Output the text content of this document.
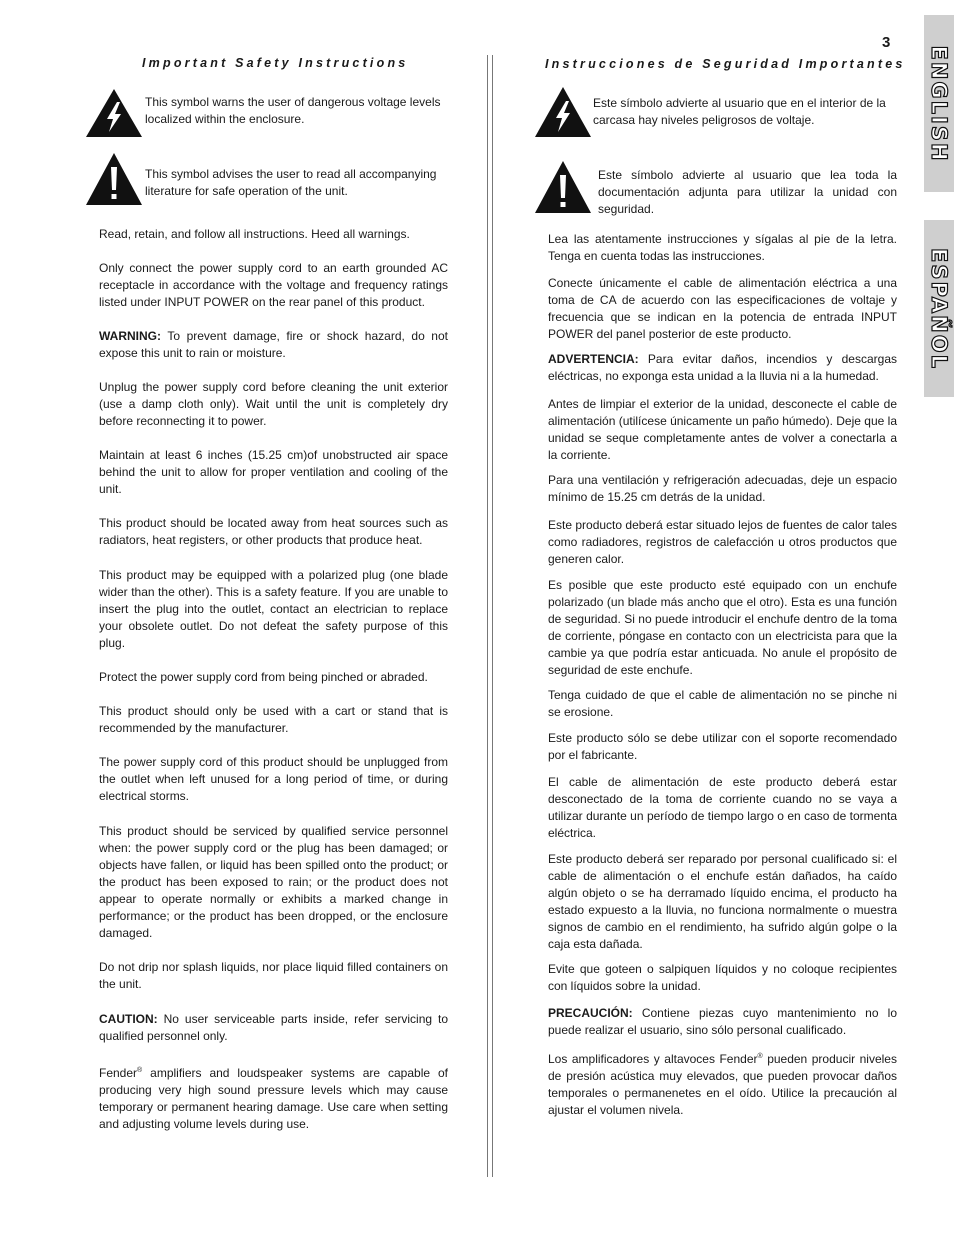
3
ENGLISH
ESPAÑOL
Important Safety Instructions
This symbol warns the user of dangerous voltage levels localized within the enclosure.
This symbol advises the user to read all accompanying literature for safe operation of the unit.
Read, retain, and follow all instructions. Heed all warnings.
Only connect the power supply cord to an earth grounded AC receptacle in accordance with the voltage and frequency ratings listed under INPUT POWER on the rear panel of this product.
WARNING: To prevent damage, fire or shock hazard, do not expose this unit to rain or moisture.
Unplug the power supply cord before cleaning the unit exterior (use a damp cloth only). Wait until the unit is completely dry before reconnecting it to power.
Maintain at least 6 inches (15.25 cm)of unobstructed air space behind the unit to allow for proper ventilation and cooling of the unit.
This product should be located away from heat sources such as radiators, heat registers, or other products that produce heat.
This product may be equipped with a polarized plug (one blade wider than the other). This is a safety feature. If you are unable to insert the plug into the outlet, contact an electrician to replace your obsolete outlet. Do not defeat the safety purpose of this plug.
Protect the power supply cord from being pinched or abraded.
This product should only be used with a cart or stand that is recommended by the manufacturer.
The power supply cord of this product should be unplugged from the outlet when left unused for a long period of time, or during electrical storms.
This product should be serviced by qualified service personnel when: the power supply cord or the plug has been damaged; or objects have fallen, or liquid has been spilled onto the product; or the product has been exposed to rain; or the product does not appear to operate normally or exhibits a marked change in performance; or the product has been dropped, or the enclosure damaged.
Do not drip nor splash liquids, nor place liquid filled containers on the unit.
CAUTION: No user serviceable parts inside, refer servicing to qualified personnel only.
Fender® amplifiers and loudspeaker systems are capable of producing very high sound pressure levels which may cause temporary or permanent hearing damage. Use care when setting and adjusting volume levels during use.
Instrucciones de Seguridad Importantes
Este símbolo advierte al usuario que en el interior de la carcasa hay niveles peligrosos de voltaje.
Este símbolo advierte al usuario que lea toda la documentación adjunta para utilizar la unidad con seguridad.
Lea las atentamente instrucciones y sígalas al pie de la letra. Tenga en cuenta todas las instrucciones.
Conecte únicamente el cable de alimentación eléctrica a una toma de CA de acuerdo con las especificaciones de voltaje y frecuencia que se indican en la potencia de entrada INPUT POWER del panel posterior de este producto.
ADVERTENCIA: Para evitar daños, incendios y descargas eléctricas, no exponga esta unidad a la lluvia ni a la humedad.
Antes de limpiar el exterior de la unidad, desconecte el cable de alimentación (utilícese únicamente un paño húmedo). Deje que la unidad se seque completamente antes de volver a conectarla a la corriente.
Para una ventilación y refrigeración adecuadas, deje un espacio mínimo de 15.25 cm detrás de la unidad.
Este producto deberá estar situado lejos de fuentes de calor tales como radiadores, registros de calefacción u otros productos que generen calor.
Es posible que este producto esté equipado con un enchufe polarizado (un blade más ancho que el otro). Esta es una función de seguridad. Si no puede introducir el enchufe dentro de la toma de corriente, póngase en contacto con un electricista para que la cambie ya que podría estar anticuada. No anule el propósito de seguridad de este enchufe.
Tenga cuidado de que el cable de alimentación no se pinche ni se erosione.
Este producto sólo se debe utilizar con el soporte recomendado por el fabricante.
El cable de alimentación de este producto deberá estar desconectado de la toma de corriente cuando no se vaya a utilizar durante un período de tiempo largo o en caso de tormenta eléctrica.
Este producto deberá ser reparado por personal cualificado si: el cable de alimentación o el enchufe están dañados, ha caído algún objeto o se ha derramado líquido encima, el producto ha estado expuesto a la lluvia, no funciona normalmente o muestra signos de cambio en el rendimiento, ha sufrido algún golpe o la caja esta dañada.
Evite que goteen o salpiquen líquidos y no coloque recipientes con líquidos sobre la unidad.
PRECAUCIÓN: Contiene piezas cuyo mantenimiento no lo puede realizar el usuario, sino sólo personal cualificado.
Los amplificadores y altavoces Fender® pueden producir niveles de presión acústica muy elevados, que pueden provocar daños temporales o permanenetes en el oído. Utilice la precaución al ajustar el volumen nivela.
